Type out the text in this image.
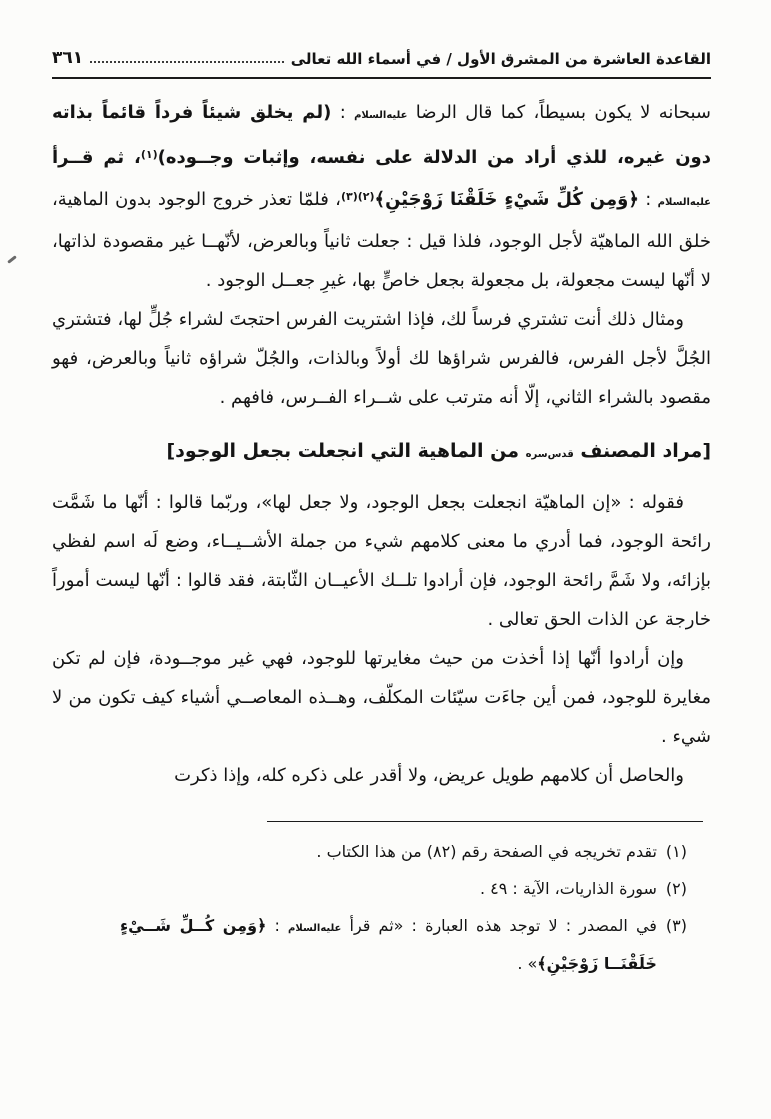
القاعدة العاشرة من المشرق الأول / في أسماء الله تعالى
٣٦١

سبحانه لا يكون بسيطاً، كما قال الرضا عليه‌السلام : (لم يخلق شيئاً فرداً قائماً بذاته دون غيره، للذي أراد من الدلالة على نفسه، وإثبات وجــوده)$^{(١)}$، ثم قــرأ عليه‌السلام : ﴿وَمِن كُلِّ شَيْءٍ خَلَقْنَا زَوْجَيْنِ﴾$^{(٢)(٣)}$، فلمّا تعذر خروج الوجود بدون الماهية، خلق الله الماهيّة لأجل الوجود، فلذا قيل : جعلت ثانياً وبالعرض، لأنّهــا غير مقصودة لذاتها، لا أنّها ليست مجعولة، بل مجعولة بجعل خاصٍّ بها، غيرِ جعــل الوجود .

ومثال ذلك أنت تشتري فرساً لك، فإذا اشتريت الفرس احتجتَ لشراء جُلٍّ لها، فتشتري الجُلَّ لأجل الفرس، فالفرس شراؤها لك أولاً وبالذات، والجُلّ شراؤه ثانياً وبالعرض، فهو مقصود بالشراء الثاني، إلّا أنه مترتب على شــراء الفــرس، فافهم .

[مراد المصنف قدس‌سره من الماهية التي انجعلت بجعل الوجود]

فقوله : «إن الماهيّة انجعلت بجعل الوجود، ولا جعل لها»، وربّما قالوا : أنّها ما شَمَّت رائحة الوجود، فما أدري ما معنى كلامهم شيء من جملة الأشــيــاء، وضع لَه اسم لفظي بإزائه، ولا شَمَّ رائحة الوجود، فإن أرادوا تلــك الأعيــان الثّابتة، فقد قالوا : أنّها ليست أموراً خارجة عن الذات الحق تعالى .

وإن أرادوا أنّها إذا أخذت من حيث مغايرتها للوجود، فهي غير موجــودة، فإن لم تكن مغايرة للوجود، فمن أين جاءَت سيّئات المكلّف، وهــذه المعاصــي أشياء كيف تكون من لا شيء .

والحاصل أن كلامهم طويل عريض، ولا أقدر على ذكره كله، وإذا ذكرت

(١)
تقدم تخريجه في الصفحة رقم (٨٢) من هذا الكتاب .
(٢)
سورة الذاريات، الآية : ٤٩ .
(٣)
في المصدر : لا توجد هذه العبارة : «ثم قرأ عليه‌السلام : ﴿وَمِن كُــلِّ شَــيْءٍ خَلَقْنَــا زَوْجَيْنِ﴾» .
